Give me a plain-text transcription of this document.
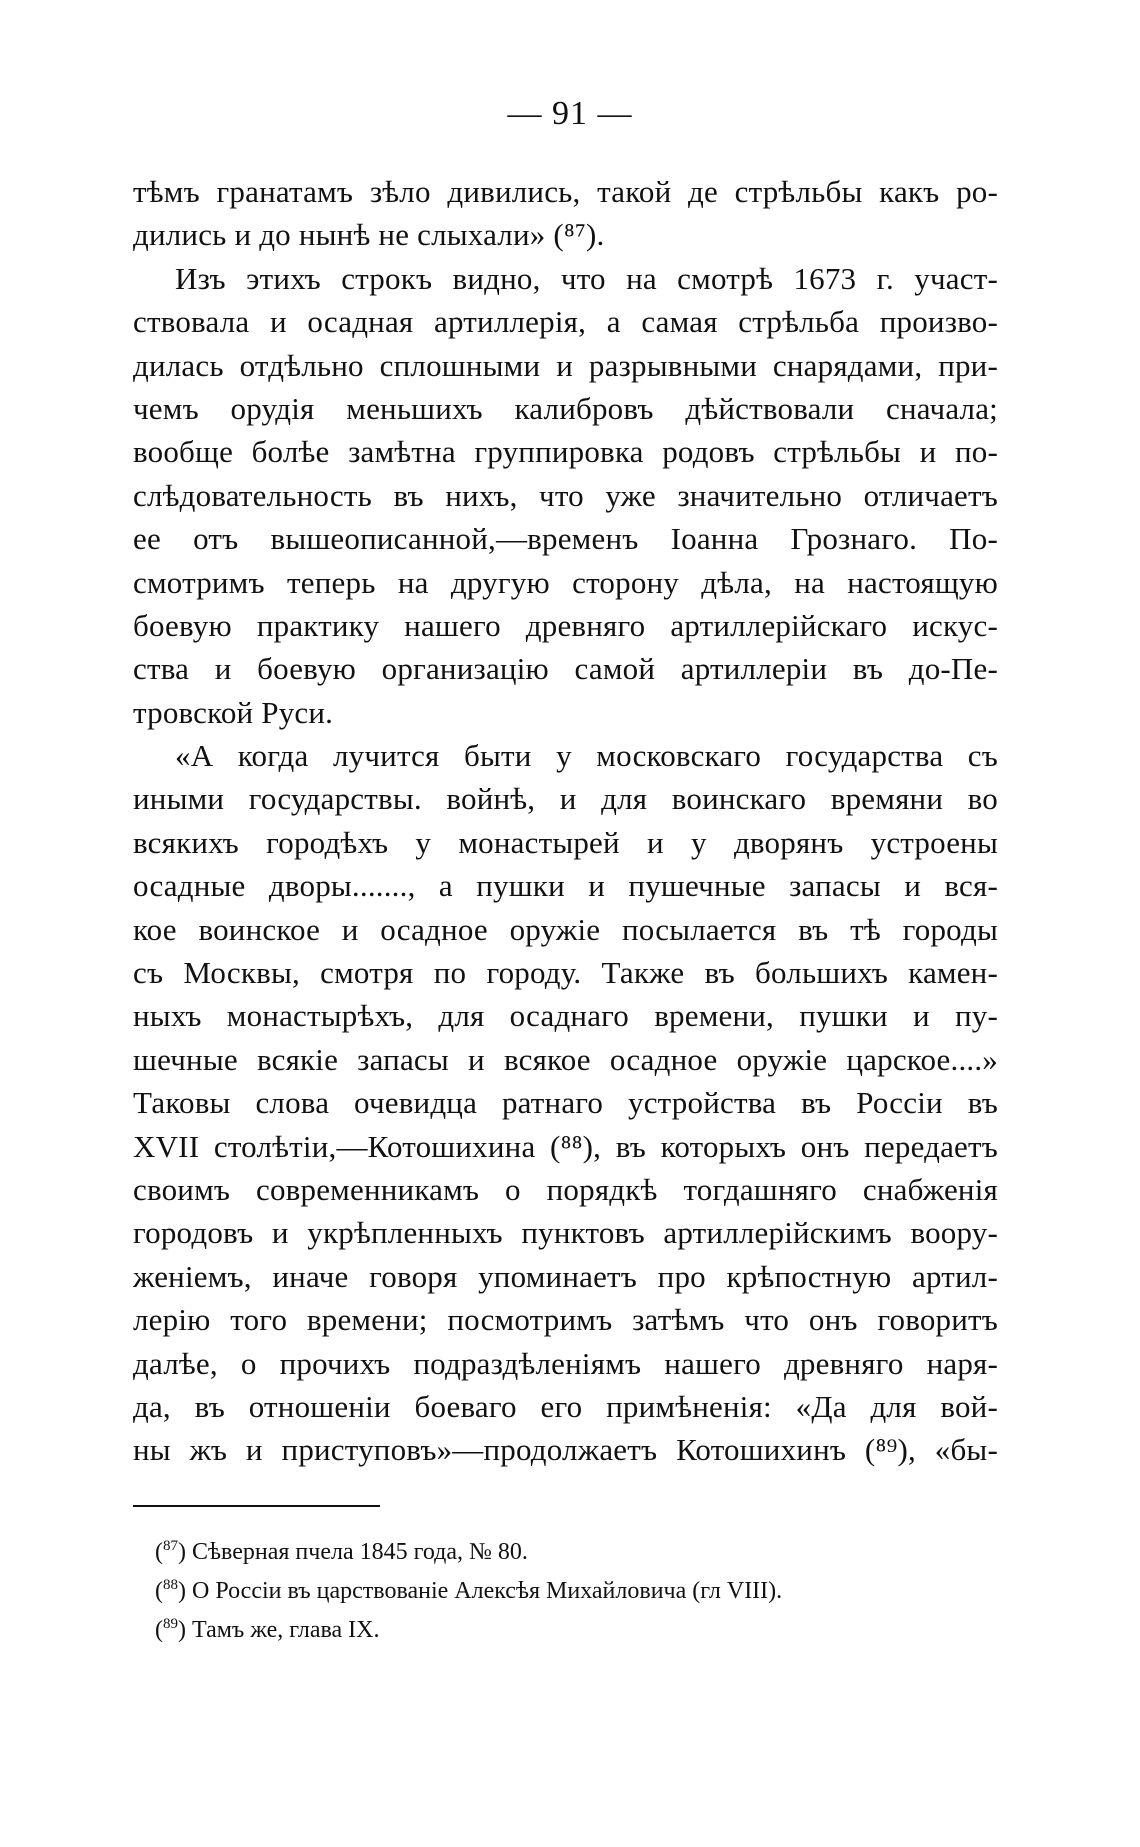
— 91 —
тѣмъ гранатамъ зѣло дивились, такой де стрѣльбы какъ ро-
дились и до нынѣ не слыхали» (⁸⁷).
Изъ этихъ строкъ видно, что на смотрѣ 1673 г. участ-
ствовала и осадная артиллерія, а самая стрѣльба произво-
дилась отдѣльно сплошными и разрывными снарядами, при-
чемъ орудія меньшихъ калибровъ дѣйствовали сначала;
вообще болѣе замѣтна группировка родовъ стрѣльбы и по-
слѣдовательность въ нихъ, что уже значительно отличаетъ
ее отъ вышеописанной,—временъ Іоанна Грознаго. По-
смотримъ теперь на другую сторону дѣла, на настоящую
боевую практику нашего древняго артиллерійскаго искус-
ства и боевую организацію самой артиллеріи въ до-Пе-
тровской Руси.
«А когда лучится быти у московскаго государства съ
иными государствы. войнѣ, и для воинскаго времяни во
всякихъ городѣхъ у монастырей и у дворянъ устроены
осадные дворы......., а пушки и пушечные запасы и вся-
кое воинское и осадное оружіе посылается въ тѣ городы
съ Москвы, смотря по городу. Также въ большихъ камен-
ныхъ монастырѣхъ, для осаднаго времени, пушки и пу-
шечные всякіе запасы и всякое осадное оружіе царское....»
Таковы слова очевидца ратнаго устройства въ Россіи въ
XVII столѣтіи,—Котошихина (⁸⁸), въ которыхъ онъ передаетъ
своимъ современникамъ о порядкѣ тогдашняго снабженія
городовъ и укрѣпленныхъ пунктовъ артиллерійскимъ воору-
женіемъ, иначе говоря упоминаетъ про крѣпостную артил-
лерію того времени; посмотримъ затѣмъ что онъ говоритъ
далѣе, о прочихъ подраздѣленіямъ нашего древняго наря-
да, въ отношеніи боеваго его примѣненія: «Да для вой-
ны жъ и приступовъ»—продолжаетъ Котошихинъ (⁸⁹), «бы-
($^{87}$) Сѣверная пчела 1845 года, № 80.
($^{88}$) О Россіи въ царствованіе Алексѣя Михайловича (гл VIII).
($^{89}$) Тамъ же, глава IX.
